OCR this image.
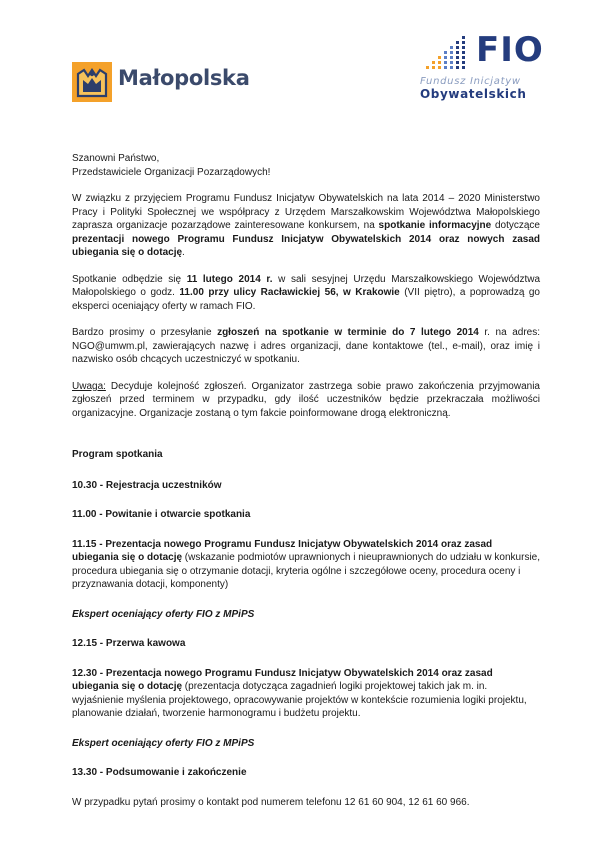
Małopolska
FIO
Fundusz Inicjatyw
Obywatelskich

Szanowni Państwo,

Przedstawiciele Organizacji Pozarządowych!

W związku z przyjęciem Programu Fundusz Inicjatyw Obywatelskich na lata 2014 – 2020 Ministerstwo Pracy i Polityki Społecznej we współpracy z Urzędem Marszałkowskim Województwa Małopolskiego zaprasza organizacje pozarządowe zainteresowane konkursem, na spotkanie informacyjne dotyczące prezentacji nowego Programu Fundusz Inicjatyw Obywatelskich 2014 oraz nowych zasad ubiegania się o dotację.

Spotkanie odbędzie się 11 lutego 2014 r. w sali sesyjnej Urzędu Marszałkowskiego Województwa Małopolskiego o godz. 11.00 przy ulicy Racławickiej 56, w Krakowie (VII piętro), a poprowadzą go eksperci oceniający oferty w ramach FIO.

Bardzo prosimy o przesyłanie zgłoszeń na spotkanie w terminie do 7 lutego 2014 r. na adres: NGO@umwm.pl, zawierających nazwę i adres organizacji, dane kontaktowe (tel., e-mail), oraz imię i nazwisko osób chcących uczestniczyć w spotkaniu.

Uwaga: Decyduje kolejność zgłoszeń. Organizator zastrzega sobie prawo zakończenia przyjmowania zgłoszeń przed terminem w przypadku, gdy ilość uczestników będzie przekraczała możliwości organizacyjne. Organizacje zostaną o tym fakcie poinformowane drogą elektroniczną.

Program spotkania

10.30 - Rejestracja uczestników

11.00 - Powitanie i otwarcie spotkania

11.15 - Prezentacja nowego Programu Fundusz Inicjatyw Obywatelskich 2014 oraz zasad ubiegania się o dotację (wskazanie podmiotów uprawnionych i nieuprawnionych do udziału w konkursie, procedura ubiegania się o otrzymanie dotacji, kryteria ogólne i szczegółowe oceny, procedura oceny i przyznawania dotacji, komponenty)

Ekspert oceniający oferty FIO z MPiPS

12.15 - Przerwa kawowa

12.30 - Prezentacja nowego Programu Fundusz Inicjatyw Obywatelskich 2014 oraz zasad ubiegania się o dotację (prezentacja dotycząca zagadnień logiki projektowej takich jak m. in. wyjaśnienie myślenia projektowego, opracowywanie projektów w kontekście rozumienia logiki projektu, planowanie działań, tworzenie harmonogramu i budżetu projektu.

Ekspert oceniający oferty FIO z MPiPS

13.30 - Podsumowanie i zakończenie

W przypadku pytań prosimy o kontakt pod numerem telefonu 12 61 60 904, 12 61 60 966.
